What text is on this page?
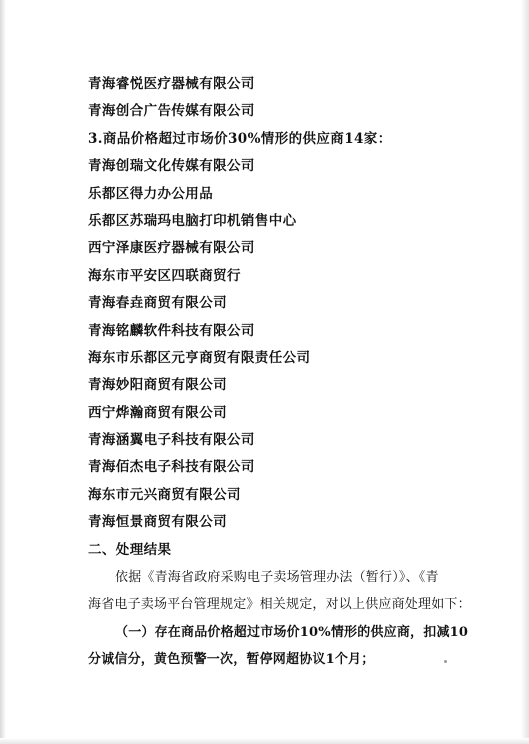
青海睿悦医疗器械有限公司
青海创合广告传媒有限公司
3.商品价格超过市场价30%情形的供应商14家：
青海创瑞文化传媒有限公司
乐都区得力办公用品
乐都区苏瑞玛电脑打印机销售中心
西宁泽康医疗器械有限公司
海东市平安区四联商贸行
青海春垚商贸有限公司
青海铭麟软件科技有限公司
海东市乐都区元亨商贸有限责任公司
青海妙阳商贸有限公司
西宁烨瀚商贸有限公司
青海涵翼电子科技有限公司
青海佰杰电子科技有限公司
海东市元兴商贸有限公司
青海恒景商贸有限公司
二、处理结果
依据《青海省政府采购电子卖场管理办法（暂行）》、《青
海省电子卖场平台管理规定》相关规定，对以上供应商处理如下：
（一）存在商品价格超过市场价10%情形的供应商，扣减10
分诚信分，黄色预警一次，暂停网超协议1个月；
